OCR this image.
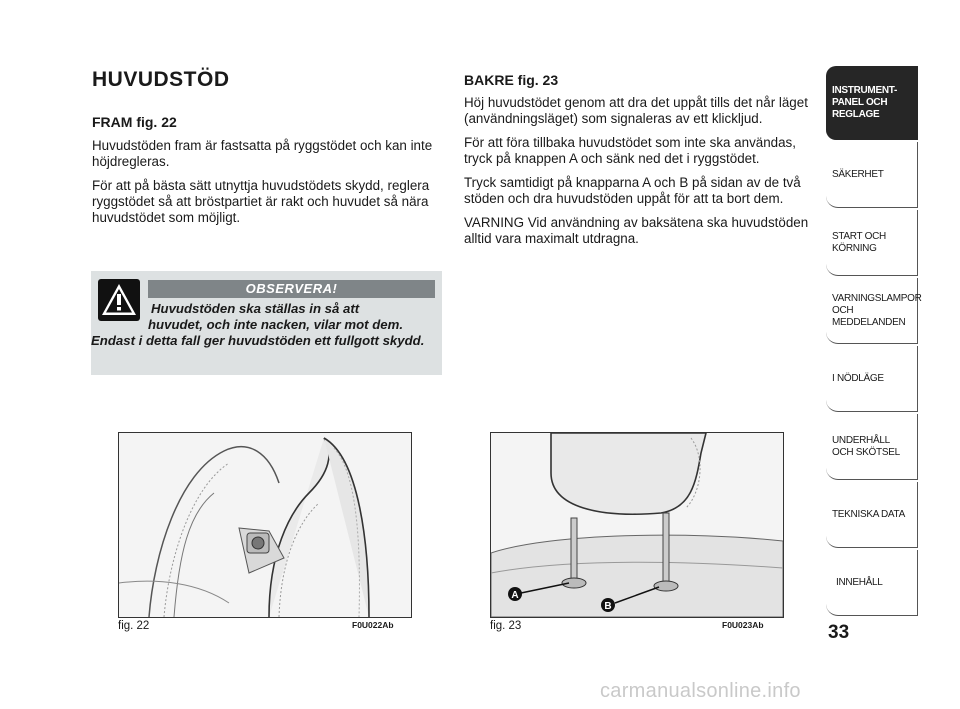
HUVUDSTÖD
FRAM fig. 22

Huvudstöden fram är fastsatta på ryggstödet och kan inte höjdregleras.

För att på bästa sätt utnyttja huvudstödets skydd, reglera ryggstödet så att bröstpartiet är rakt och huvudet så nära huvudstödet som möjligt.

OBSERVERA!
Huvudstöden ska ställas in så att
huvudet, och inte nacken, vilar mot dem. Endast i detta fall ger huvudstöden ett fullgott skydd.
BAKRE fig. 23

Höj huvudstödet genom att dra det uppåt tills det når läget (användningsläget) som signaleras av ett klickljud.

För att föra tillbaka huvudstödet som inte ska användas, tryck på knappen A och sänk ned det i ryggstödet.

Tryck samtidigt på knapparna A och B på sidan av de två stöden och dra huvudstöden uppåt för att ta bort dem.

VARNING Vid användning av baksätena ska huvudstöden alltid vara maximalt utdragna.

fig. 22	F0U022Ab
A
B
fig. 23	F0U023Ab
INSTRUMENT-
PANEL OCH
REGLAGE
SÄKERHET
START OCH
KÖRNING
VARNINGSLAMPOR
OCH
MEDDELANDEN
I NÖDLÄGE
UNDERHÅLL
OCH SKÖTSEL
TEKNISKA DATA
INNEHÅLL
33
carmanualsonline.info
